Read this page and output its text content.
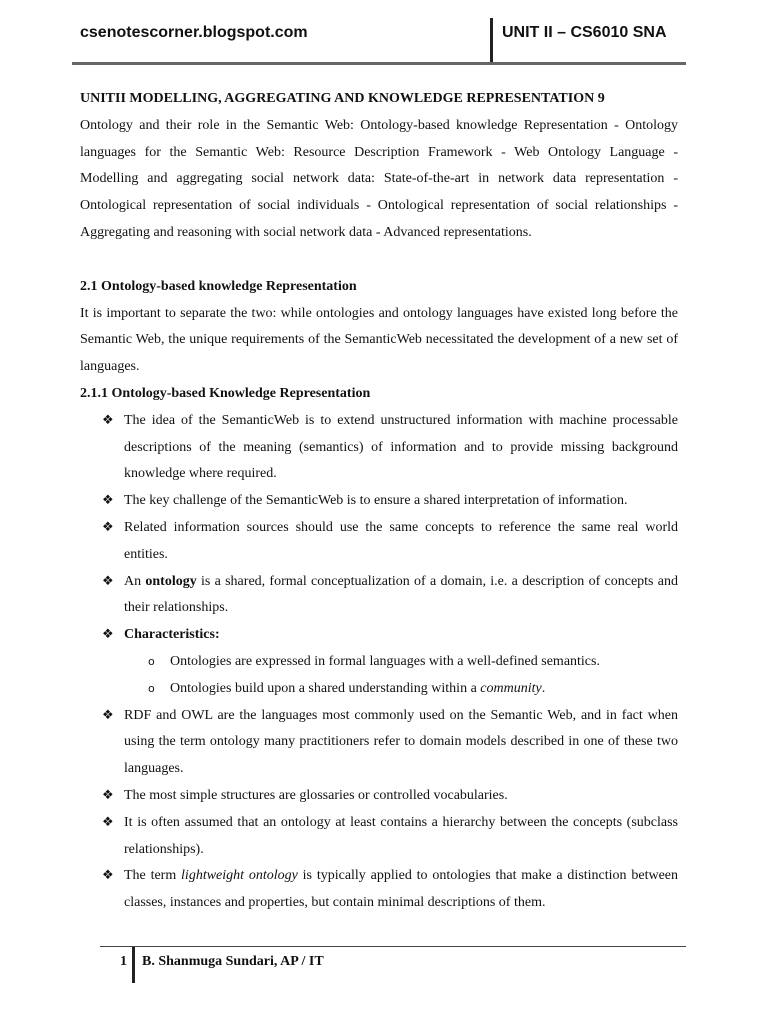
csenotescorner.blogspot.com	UNIT II – CS6010 SNA

UNITII MODELLING, AGGREGATING AND KNOWLEDGE REPRESENTATION 9

Ontology and their role in the Semantic Web: Ontology-based knowledge Representation - Ontology languages for the Semantic Web: Resource Description Framework - Web Ontology Language - Modelling and aggregating social network data: State-of-the-art in network data representation - Ontological representation of social individuals - Ontological representation of social relationships - Aggregating and reasoning with social network data - Advanced representations.

2.1 Ontology-based knowledge Representation

It is important to separate the two: while ontologies and ontology languages have existed long before the Semantic Web, the unique requirements of the SemanticWeb necessitated the development of a new set of languages.

2.1.1 Ontology-based Knowledge Representation

❖ The idea of the SemanticWeb is to extend unstructured information with machine processable descriptions of the meaning (semantics) of information and to provide missing background knowledge where required.
❖ The key challenge of the SemanticWeb is to ensure a shared interpretation of information.
❖ Related information sources should use the same concepts to reference the same real world entities.
❖ An ontology is a shared, formal conceptualization of a domain, i.e. a description of concepts and their relationships.
❖ Characteristics:
o Ontologies are expressed in formal languages with a well-defined semantics.
o Ontologies build upon a shared understanding within a community.
❖ RDF and OWL are the languages most commonly used on the Semantic Web, and in fact when using the term ontology many practitioners refer to domain models described in one of these two languages.
❖ The most simple structures are glossaries or controlled vocabularies.
❖ It is often assumed that an ontology at least contains a hierarchy between the concepts (subclass relationships).
❖ The term lightweight ontology is typically applied to ontologies that make a distinction between classes, instances and properties, but contain minimal descriptions of them.
1 B. Shanmuga Sundari, AP / IT
